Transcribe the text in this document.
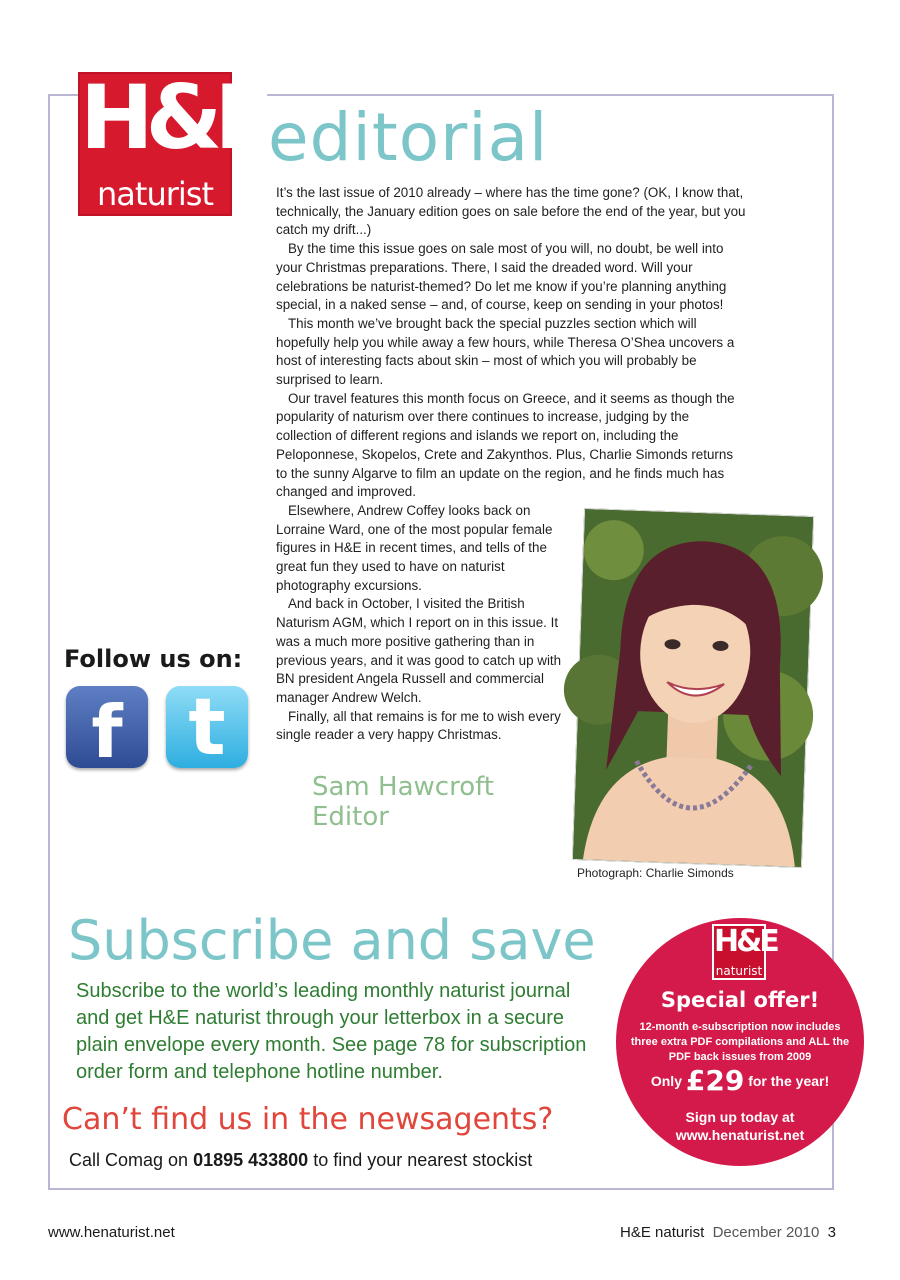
H&E
naturist
editorial

It’s the last issue of 2010 already – where has the time gone? (OK, I know that, technically, the January edition goes on sale before the end of the year, but you catch my drift...)

By the time this issue goes on sale most of you will, no doubt, be well into your Christmas preparations. There, I said the dreaded word. Will your celebrations be naturist-themed? Do let me know if you’re planning anything special, in a naked sense – and, of course, keep on sending in your photos!

This month we’ve brought back the special puzzles section which will hopefully help you while away a few hours, while Theresa O’Shea uncovers a host of interesting facts about skin – most of which you will probably be surprised to learn.

Our travel features this month focus on Greece, and it seems as though the popularity of naturism over there continues to increase, judging by the collection of different regions and islands we report on, including the Peloponnese, Skopelos, Crete and Zakynthos. Plus, Charlie Simonds returns to the sunny Algarve to film an update on the region, and he finds much has changed and improved.

Elsewhere, Andrew Coffey looks back on Lorraine Ward, one of the most popular female figures in H&E in recent times, and tells of the great fun they used to have on naturist photography excursions.

And back in October, I visited the British Naturism AGM, which I report on in this issue. It was a much more positive gathering than in previous years, and it was good to catch up with BN president Angela Russell and commercial manager Andrew Welch.

Finally, all that remains is for me to wish every single reader a very happy Christmas.

Photograph: Charlie Simonds
Follow us on:
f t
Sam Hawcroft
Editor
Subscribe and save
Subscribe to the world’s leading monthly naturist journal and get H&E naturist through your letterbox in a secure plain envelope every month. See page 78 for subscription order form and telephone hotline number.
Can’t find us in the newsagents?
Call Comag on 01895 433800 to find your nearest stockist
H&E
naturist
Special offer!
12-month e-subscription now includes three extra PDF compilations and ALL the PDF back issues from 2009
Only £29 for the year!
Sign up today at
www.henaturist.net
www.henaturist.net	H&E naturist December 2010 3
